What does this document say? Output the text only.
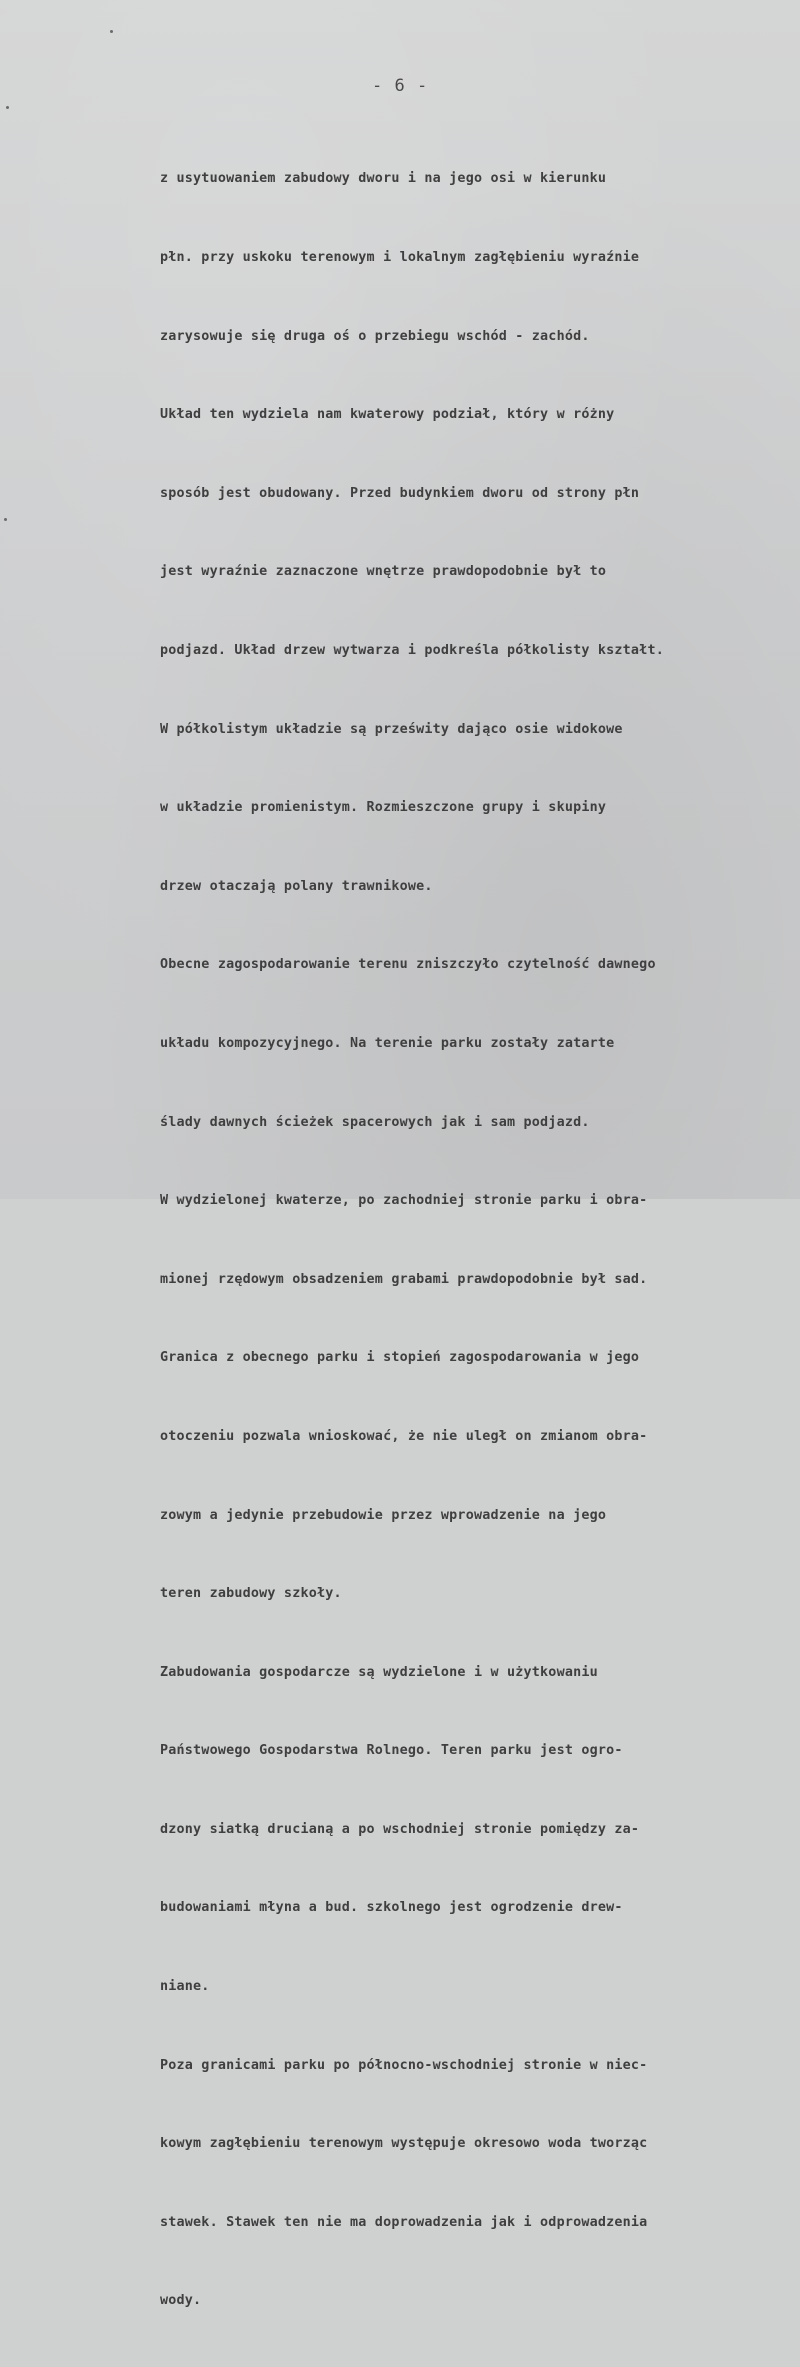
- 6 -

z usytuowaniem zabudowy dworu i na jego osi w kierunku

płn. przy uskoku terenowym i lokalnym zagłębieniu wyraźnie

zarysowuje się druga oś o przebiegu wschód - zachód.

Układ ten wydziela nam kwaterowy podział, który w różny

sposób jest obudowany. Przed budynkiem dworu od strony płn

jest wyraźnie zaznaczone wnętrze prawdopodobnie był to

podjazd. Układ drzew wytwarza i podkreśla półkolisty kształt.

W półkolistym układzie są prześwity dająco osie widokowe

w układzie promienistym. Rozmieszczone grupy i skupiny

drzew otaczają polany trawnikowe.

Obecne zagospodarowanie terenu zniszczyło czytelność dawnego

układu kompozycyjnego. Na terenie parku zostały zatarte

ślady dawnych ścieżek spacerowych jak i sam podjazd.

W wydzielonej kwaterze, po zachodniej stronie parku i obra-

mionej rzędowym obsadzeniem grabami prawdopodobnie był sad.

Granica z obecnego parku i stopień zagospodarowania w jego

otoczeniu pozwala wnioskować, że nie uległ on zmianom obra-

zowym a jedynie przebudowie przez wprowadzenie na jego

teren zabudowy szkoły.

Zabudowania gospodarcze są wydzielone i w użytkowaniu

Państwowego Gospodarstwa Rolnego. Teren parku jest ogro-

dzony siatką drucianą a po wschodniej stronie pomiędzy za-

budowaniami młyna a bud. szkolnego jest ogrodzenie drew-

niane.

Poza granicami parku po północno-wschodniej stronie w niec-

kowym zagłębieniu terenowym występuje okresowo woda tworząc

stawek. Stawek ten nie ma doprowadzenia jak i odprowadzenia

wody.
